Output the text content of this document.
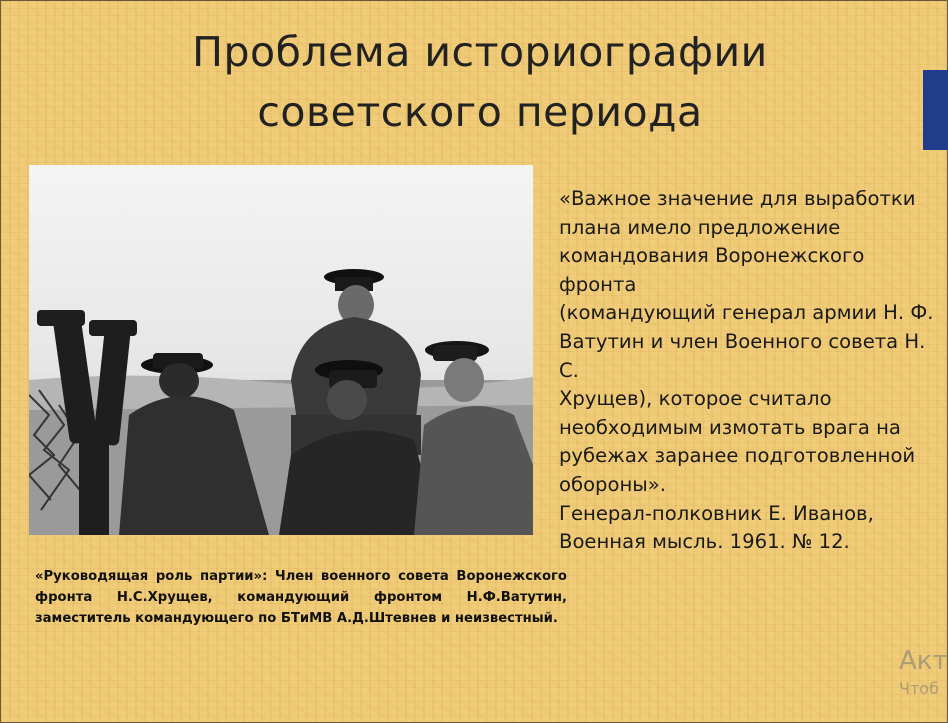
Проблема историографии
советского периода

«Важное значение для выработки

плана имело предложение

командования Воронежского фронта

(командующий генерал армии Н. Ф.

Ватутин и член Военного совета Н. С.

Хрущев), которое считало

необходимым измотать врага на

рубежах заранее подготовленной

обороны».

Генерал-полковник Е. Иванов,

Военная мысль. 1961. № 12.

«Руководящая роль партии»: Член военного совета Воронежского фронта Н.С.Хрущев, командующий фронтом Н.Ф.Ватутин, заместитель командующего по БТиМВ А.Д.Штевнев и неизвестный.
Акт
Чтоб
